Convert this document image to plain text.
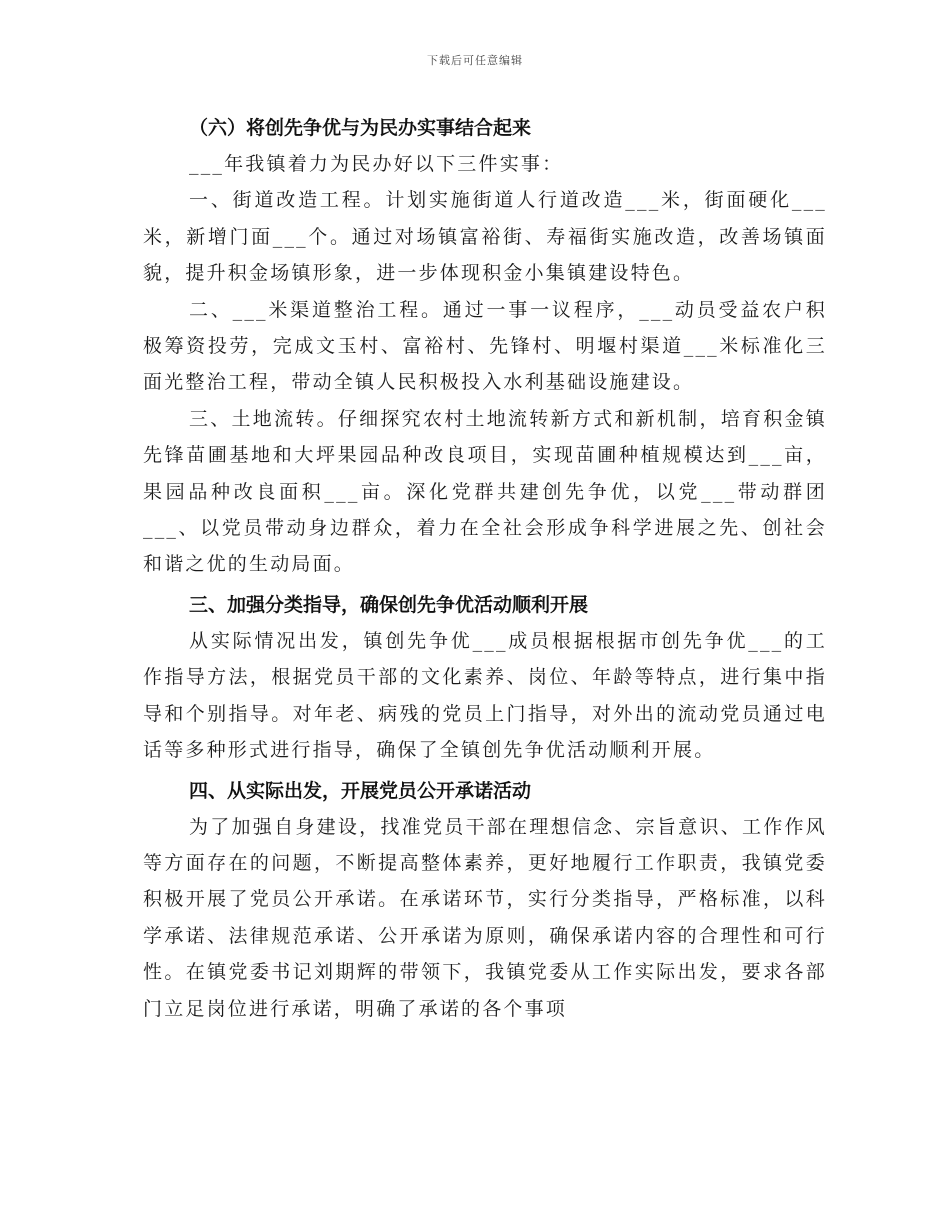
下载后可任意编辑

（六）将创先争优与为民办实事结合起来

___年我镇着力为民办好以下三件实事：

一、街道改造工程。计划实施街道人行道改造___米，街面硬化___米，新增门面___个。通过对场镇富裕街、寿福街实施改造，改善场镇面貌，提升积金场镇形象，进一步体现积金小集镇建设特色。

二、___米渠道整治工程。通过一事一议程序，___动员受益农户积极筹资投劳，完成文玉村、富裕村、先锋村、明堰村渠道___米标准化三面光整治工程，带动全镇人民积极投入水利基础设施建设。

三、土地流转。仔细探究农村土地流转新方式和新机制，培育积金镇先锋苗圃基地和大坪果园品种改良项目，实现苗圃种植规模达到___亩，果园品种改良面积___亩。深化党群共建创先争优，以党___带动群团___、以党员带动身边群众，着力在全社会形成争科学进展之先、创社会和谐之优的生动局面。

三、加强分类指导，确保创先争优活动顺利开展

从实际情况出发，镇创先争优___成员根据根据市创先争优___的工作指导方法，根据党员干部的文化素养、岗位、年龄等特点，进行集中指导和个别指导。对年老、病残的党员上门指导，对外出的流动党员通过电话等多种形式进行指导，确保了全镇创先争优活动顺利开展。

四、从实际出发，开展党员公开承诺活动

为了加强自身建设，找准党员干部在理想信念、宗旨意识、工作作风等方面存在的问题，不断提高整体素养，更好地履行工作职责，我镇党委积极开展了党员公开承诺。在承诺环节，实行分类指导，严格标准，以科学承诺、法律规范承诺、公开承诺为原则，确保承诺内容的合理性和可行性。在镇党委书记刘期辉的带领下，我镇党委从工作实际出发，要求各部门立足岗位进行承诺，明确了承诺的各个事项
